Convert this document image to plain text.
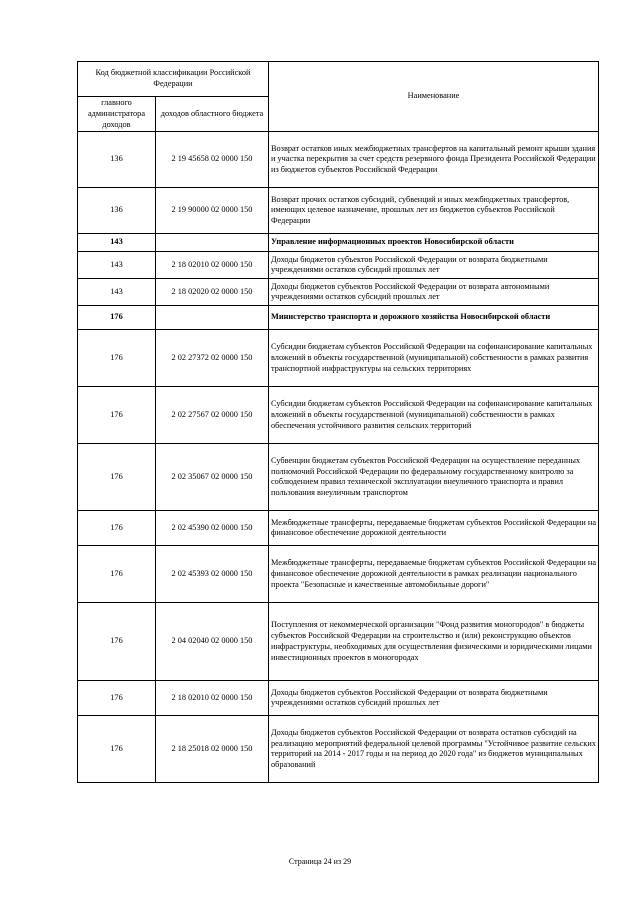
Код бюджетной классификации Российской Федерации		Наименование
главного администратора доходов	доходов областного бюджета	
136	2 19 45658 02 0000 150	Возврат остатков иных межбюджетных трансфертов на капитальный ремонт крыши здания и участка перекрытия за счет средств резервного фонда Президента Российской Федерации из бюджетов субъектов Российской Федерации
136	2 19 90000 02 0000 150	Возврат прочих остатков субсидий, субвенций и иных межбюджетных трансфертов, имеющих целевое назначение, прошлых лет из бюджетов субъектов Российской Федерации
143		Управление информационных проектов Новосибирской области
143	2 18 02010 02 0000 150	Доходы бюджетов субъектов Российской Федерации от возврата бюджетными учреждениями остатков субсидий прошлых лет
143	2 18 02020 02 0000 150	Доходы бюджетов субъектов Российской Федерации от возврата автономными учреждениями остатков субсидий прошлых лет
176		Министерство транспорта и дорожного хозяйства Новосибирской области
176	2 02 27372 02 0000 150	Субсидии бюджетам субъектов Российской Федерации на софинансирование капитальных вложений в объекты государственной (муниципальной) собственности в рамках развития транспортной инфраструктуры на сельских территориях
176	2 02 27567 02 0000 150	Субсидии бюджетам субъектов Российской Федерации на софинансирование капитальных вложений в объекты государственной (муниципальной) собственности в рамках обеспечения устойчивого развития сельских территорий
176	2 02 35067 02 0000 150	Субвенции бюджетам субъектов Российской Федерации на осуществление переданных полномочий Российской Федерации по федеральному государственному контролю за соблюдением правил технической эксплуатации внеуличного транспорта и правил пользования внеуличным транспортом
176	2 02 45390 02 0000 150	Межбюджетные трансферты, передаваемые бюджетам субъектов Российской Федерации на финансовое обеспечение дорожной деятельности
176	2 02 45393 02 0000 150	Межбюджетные трансферты, передаваемые бюджетам субъектов Российской Федерации на финансовое обеспечение дорожной деятельности в рамках реализации национального проекта "Безопасные и качественные автомобильные дороги"
176	2 04 02040 02 0000 150	Поступления от некоммерческой организации "Фонд развития моногородов" в бюджеты субъектов Российской Федерации на строительство и (или) реконструкцию объектов инфраструктуры, необходимых для осуществления физическими и юридическими лицами инвестиционных проектов в моногородах
176	2 18 02010 02 0000 150	Доходы бюджетов субъектов Российской Федерации от возврата бюджетными учреждениями остатков субсидий прошлых лет
176	2 18 25018 02 0000 150	Доходы бюджетов субъектов Российской Федерации от возврата остатков субсидий на реализацию мероприятий федеральной целевой программы "Устойчивое развитие сельских территорий на 2014 - 2017 годы и на период до 2020 года" из бюджетов муниципальных образований
Страница 24 из 29
